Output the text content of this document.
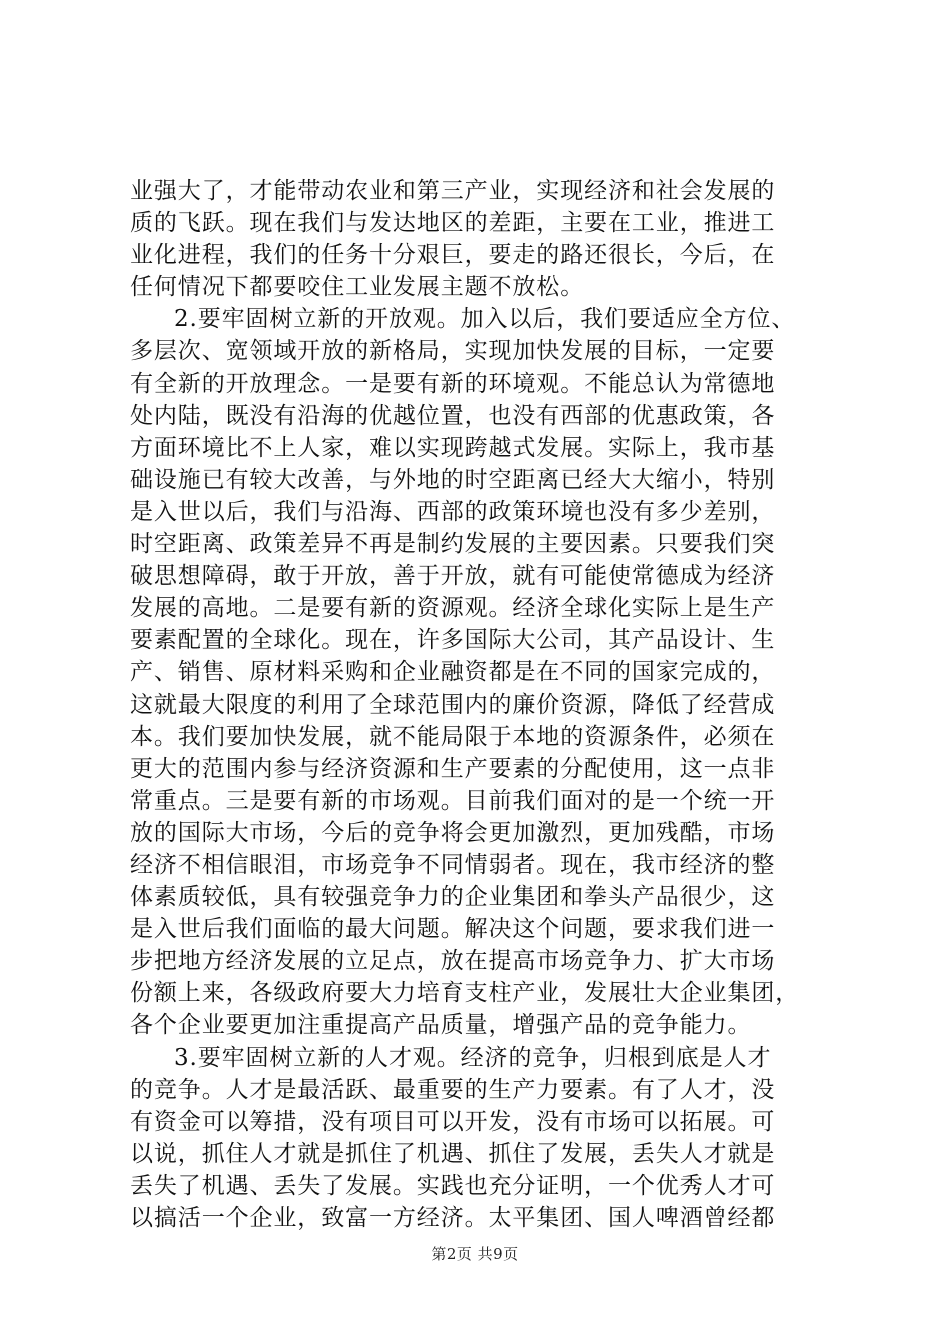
业强大了，才能带动农业和第三产业，实现经济和社会发展的
质的飞跃。现在我们与发达地区的差距，主要在工业，推进工
业化进程，我们的任务十分艰巨，要走的路还很长，今后，在
任何情况下都要咬住工业发展主题不放松。
2.要牢固树立新的开放观。加入以后，我们要适应全方位、
多层次、宽领域开放的新格局，实现加快发展的目标，一定要
有全新的开放理念。一是要有新的环境观。不能总认为常德地
处内陆，既没有沿海的优越位置，也没有西部的优惠政策，各
方面环境比不上人家，难以实现跨越式发展。实际上，我市基
础设施已有较大改善，与外地的时空距离已经大大缩小，特别
是入世以后，我们与沿海、西部的政策环境也没有多少差别，
时空距离、政策差异不再是制约发展的主要因素。只要我们突
破思想障碍，敢于开放，善于开放，就有可能使常德成为经济
发展的高地。二是要有新的资源观。经济全球化实际上是生产
要素配置的全球化。现在，许多国际大公司，其产品设计、生
产、销售、原材料采购和企业融资都是在不同的国家完成的，
这就最大限度的利用了全球范围内的廉价资源，降低了经营成
本。我们要加快发展，就不能局限于本地的资源条件，必须在
更大的范围内参与经济资源和生产要素的分配使用，这一点非
常重点。三是要有新的市场观。目前我们面对的是一个统一开
放的国际大市场，今后的竞争将会更加激烈，更加残酷，市场
经济不相信眼泪，市场竞争不同情弱者。现在，我市经济的整
体素质较低，具有较强竞争力的企业集团和拳头产品很少，这
是入世后我们面临的最大问题。解决这个问题，要求我们进一
步把地方经济发展的立足点，放在提高市场竞争力、扩大市场
份额上来，各级政府要大力培育支柱产业，发展壮大企业集团，
各个企业要更加注重提高产品质量，增强产品的竞争能力。
3.要牢固树立新的人才观。经济的竞争，归根到底是人才
的竞争。人才是最活跃、最重要的生产力要素。有了人才，没
有资金可以筹措，没有项目可以开发，没有市场可以拓展。可
以说，抓住人才就是抓住了机遇、抓住了发展，丢失人才就是
丢失了机遇、丢失了发展。实践也充分证明，一个优秀人才可
以搞活一个企业，致富一方经济。太平集团、国人啤酒曾经都
第2页 共9页
